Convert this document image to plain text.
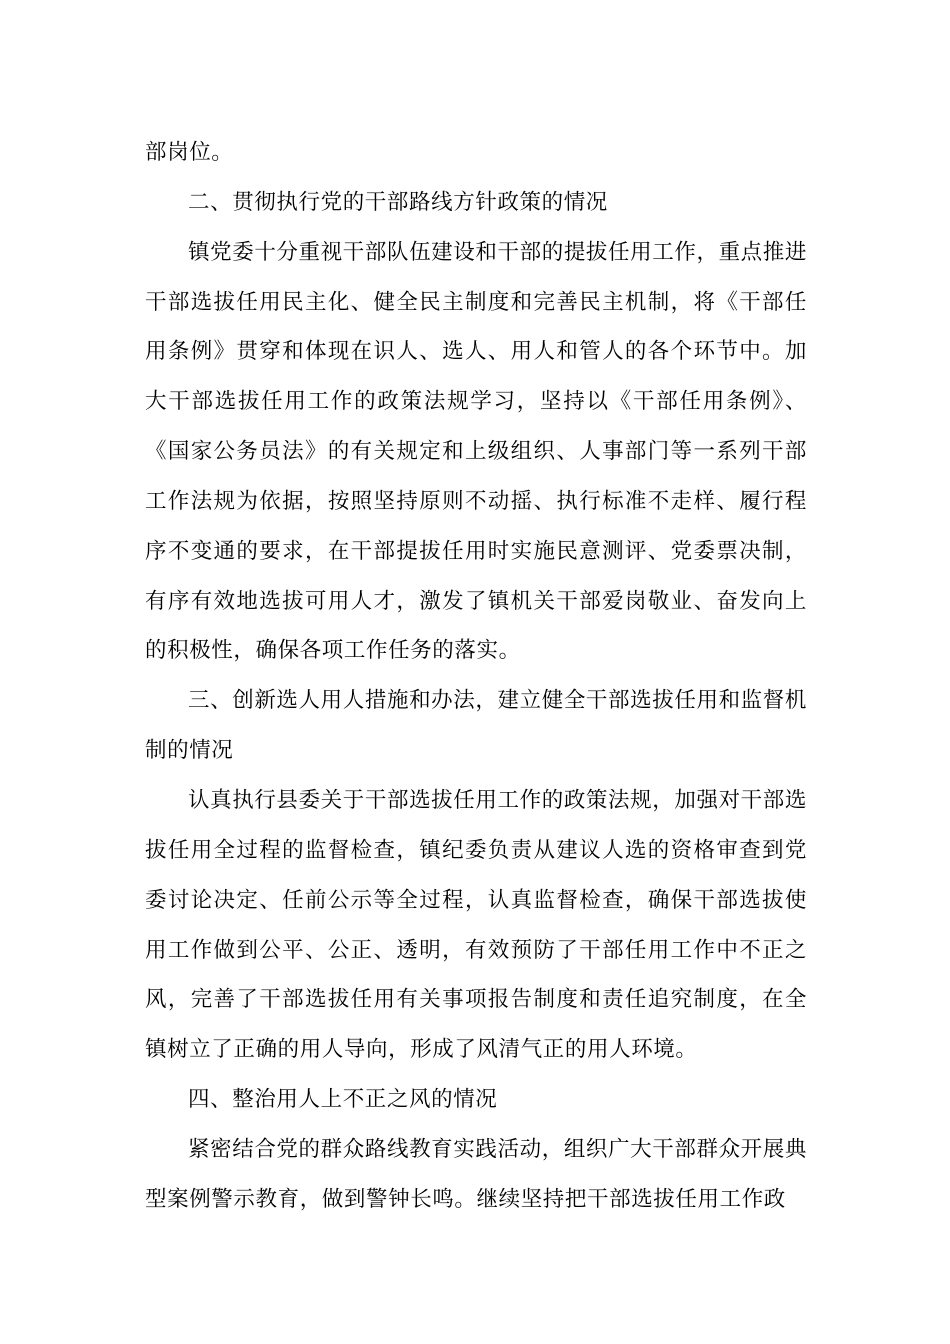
部岗位。

二、贯彻执行党的干部路线方针政策的情况

镇党委十分重视干部队伍建设和干部的提拔任用工作，重点推进干部选拔任用民主化、健全民主制度和完善民主机制，将《干部任用条例》贯穿和体现在识人、选人、用人和管人的各个环节中。加大干部选拔任用工作的政策法规学习，坚持以《干部任用条例》、《国家公务员法》的有关规定和上级组织、人事部门等一系列干部工作法规为依据，按照坚持原则不动摇、执行标准不走样、履行程序不变通的要求，在干部提拔任用时实施民意测评、党委票决制，有序有效地选拔可用人才，激发了镇机关干部爱岗敬业、奋发向上的积极性，确保各项工作任务的落实。

三、创新选人用人措施和办法，建立健全干部选拔任用和监督机制的情况

认真执行县委关于干部选拔任用工作的政策法规，加强对干部选拔任用全过程的监督检查，镇纪委负责从建议人选的资格审查到党委讨论决定、任前公示等全过程，认真监督检查，确保干部选拔使用工作做到公平、公正、透明，有效预防了干部任用工作中不正之风，完善了干部选拔任用有关事项报告制度和责任追究制度，在全镇树立了正确的用人导向，形成了风清气正的用人环境。

四、整治用人上不正之风的情况

紧密结合党的群众路线教育实践活动，组织广大干部群众开展典型案例警示教育，做到警钟长鸣。继续坚持把干部选拔任用工作政
